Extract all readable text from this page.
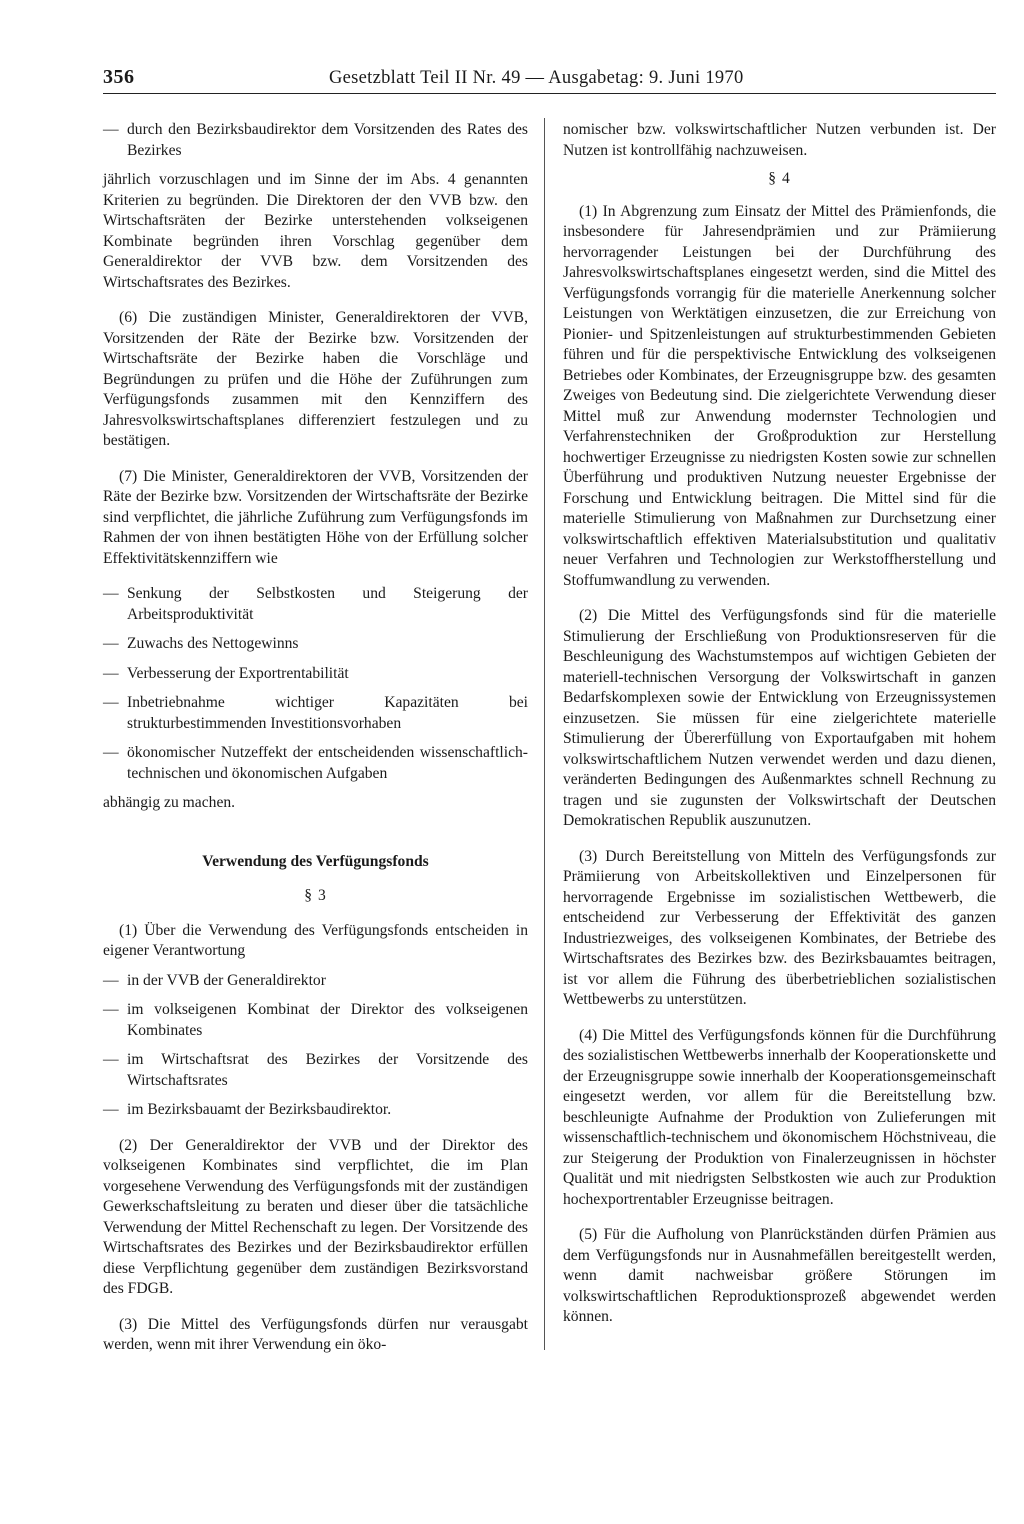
356	Gesetzblatt Teil II Nr. 49 — Ausgabetag: 9. Juni 1970
— durch den Bezirksbaudirektor dem Vorsitzenden des Rates des Bezirkes

jährlich vorzuschlagen und im Sinne der im Abs. 4 genannten Kriterien zu begründen. Die Direktoren der den VVB bzw. den Wirtschaftsräten der Bezirke unterstehenden volkseigenen Kombinate begründen ihren Vorschlag gegenüber dem Generaldirektor der VVB bzw. dem Vorsitzenden des Wirtschaftsrates des Bezirkes.

(6) Die zuständigen Minister, Generaldirektoren der VVB, Vorsitzenden der Räte der Bezirke bzw. Vorsitzenden der Wirtschaftsräte der Bezirke haben die Vorschläge und Begründungen zu prüfen und die Höhe der Zuführungen zum Verfügungsfonds zusammen mit den Kennziffern des Jahresvolkswirtschaftsplanes differenziert festzulegen und zu bestätigen.

(7) Die Minister, Generaldirektoren der VVB, Vorsitzenden der Räte der Bezirke bzw. Vorsitzenden der Wirtschaftsräte der Bezirke sind verpflichtet, die jährliche Zuführung zum Verfügungsfonds im Rahmen der von ihnen bestätigten Höhe von der Erfüllung solcher Effektivitätskennziffern wie

— Senkung der Selbstkosten und Steigerung der Arbeitsproduktivität
— Zuwachs des Nettogewinns
— Verbesserung der Exportrentabilität
— Inbetriebnahme wichtiger Kapazitäten bei strukturbestimmenden Investitionsvorhaben
— ökonomischer Nutzeffekt der entscheidenden wissenschaftlich-technischen und ökonomischen Aufgaben

abhängig zu machen.

Verwendung des Verfügungsfonds
§ 3

(1) Über die Verwendung des Verfügungsfonds entscheiden in eigener Verantwortung

— in der VVB der Generaldirektor
— im volkseigenen Kombinat der Direktor des volkseigenen Kombinates
— im Wirtschaftsrat des Bezirkes der Vorsitzende des Wirtschaftsrates
— im Bezirksbauamt der Bezirksbaudirektor.

(2) Der Generaldirektor der VVB und der Direktor des volkseigenen Kombinates sind verpflichtet, die im Plan vorgesehene Verwendung des Verfügungsfonds mit der zuständigen Gewerkschaftsleitung zu beraten und dieser über die tatsächliche Verwendung der Mittel Rechenschaft zu legen. Der Vorsitzende des Wirtschaftsrates des Bezirkes und der Bezirksbaudirektor erfüllen diese Verpflichtung gegenüber dem zuständigen Bezirksvorstand des FDGB.

(3) Die Mittel des Verfügungsfonds dürfen nur verausgabt werden, wenn mit ihrer Verwendung ein öko-

nomischer bzw. volkswirtschaftlicher Nutzen verbunden ist. Der Nutzen ist kontrollfähig nachzuweisen.

§ 4

(1) In Abgrenzung zum Einsatz der Mittel des Prämienfonds, die insbesondere für Jahresendprämien und zur Prämiierung hervorragender Leistungen bei der Durchführung des Jahresvolkswirtschaftsplanes eingesetzt werden, sind die Mittel des Verfügungsfonds vorrangig für die materielle Anerkennung solcher Leistungen von Werktätigen einzusetzen, die zur Erreichung von Pionier- und Spitzenleistungen auf strukturbestimmenden Gebieten führen und für die perspektivische Entwicklung des volkseigenen Betriebes oder Kombinates, der Erzeugnisgruppe bzw. des gesamten Zweiges von Bedeutung sind. Die zielgerichtete Verwendung dieser Mittel muß zur Anwendung modernster Technologien und Verfahrenstechniken der Großproduktion zur Herstellung hochwertiger Erzeugnisse zu niedrigsten Kosten sowie zur schnellen Überführung und produktiven Nutzung neuester Ergebnisse der Forschung und Entwicklung beitragen. Die Mittel sind für die materielle Stimulierung von Maßnahmen zur Durchsetzung einer volkswirtschaftlich effektiven Materialsubstitution und qualitativ neuer Verfahren und Technologien zur Werkstoffherstellung und Stoffumwandlung zu verwenden.

(2) Die Mittel des Verfügungsfonds sind für die materielle Stimulierung der Erschließung von Produktionsreserven für die Beschleunigung des Wachstumstempos auf wichtigen Gebieten der materiell-technischen Versorgung der Volkswirtschaft in ganzen Bedarfskomplexen sowie der Entwicklung von Erzeugnissystemen einzusetzen. Sie müssen für eine zielgerichtete materielle Stimulierung der Übererfüllung von Exportaufgaben mit hohem volkswirtschaftlichem Nutzen verwendet werden und dazu dienen, veränderten Bedingungen des Außenmarktes schnell Rechnung zu tragen und sie zugunsten der Volkswirtschaft der Deutschen Demokratischen Republik auszunutzen.

(3) Durch Bereitstellung von Mitteln des Verfügungsfonds zur Prämiierung von Arbeitskollektiven und Einzelpersonen für hervorragende Ergebnisse im sozialistischen Wettbewerb, die entscheidend zur Verbesserung der Effektivität des ganzen Industriezweiges, des volkseigenen Kombinates, der Betriebe des Wirtschaftsrates des Bezirkes bzw. des Bezirksbauamtes beitragen, ist vor allem die Führung des überbetrieblichen sozialistischen Wettbewerbs zu unterstützen.

(4) Die Mittel des Verfügungsfonds können für die Durchführung des sozialistischen Wettbewerbs innerhalb der Kooperationskette und der Erzeugnisgruppe sowie innerhalb der Kooperationsgemeinschaft eingesetzt werden, vor allem für die Bereitstellung bzw. beschleunigte Aufnahme der Produktion von Zulieferungen mit wissenschaftlich-technischem und ökonomischem Höchstniveau, die zur Steigerung der Produktion von Finalerzeugnissen in höchster Qualität und mit niedrigsten Selbstkosten wie auch zur Produktion hochexportrentabler Erzeugnisse beitragen.

(5) Für die Aufholung von Planrückständen dürfen Prämien aus dem Verfügungsfonds nur in Ausnahmefällen bereitgestellt werden, wenn damit nachweisbar größere Störungen im volkswirtschaftlichen Reproduktionsprozeß abgewendet werden können.
